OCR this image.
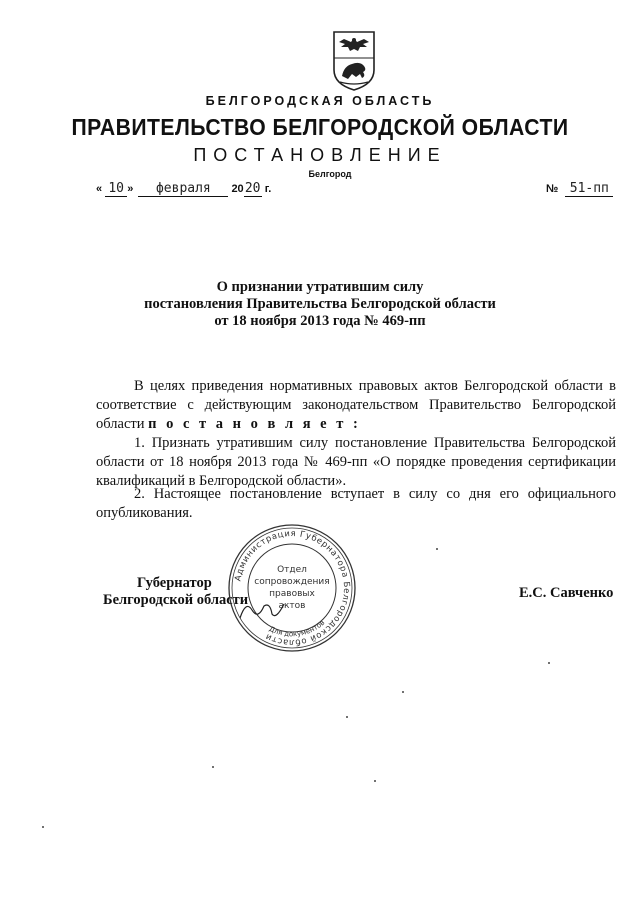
БЕЛГОРОДСКАЯ ОБЛАСТЬ
ПРАВИТЕЛЬСТВО БЕЛГОРОДСКОЙ ОБЛАСТИ
ПОСТАНОВЛЕНИЕ
Белгород
« 10 » февраля 2020 г.	№ 51-пп
О признании утратившим силу
постановления Правительства Белгородской области
от 18 ноября 2013 года № 469-пп
В целях приведения нормативных правовых актов Белгородской области в соответствие с действующим законодательством Правительство Белгородской области п о с т а н о в л я е т :
1. Признать утратившим силу постановление Правительства Белгородской области от 18 ноября 2013 года № 469-пп «О порядке проведения сертификации квалификаций в Белгородской области».
2. Настоящее постановление вступает в силу со дня его официального опубликования.
Губернатор
Белгородской области	Е.С. Савченко
Администрация Губернатора Белгородской области
Для документов
Отдел
сопровождения
правовых
актов
